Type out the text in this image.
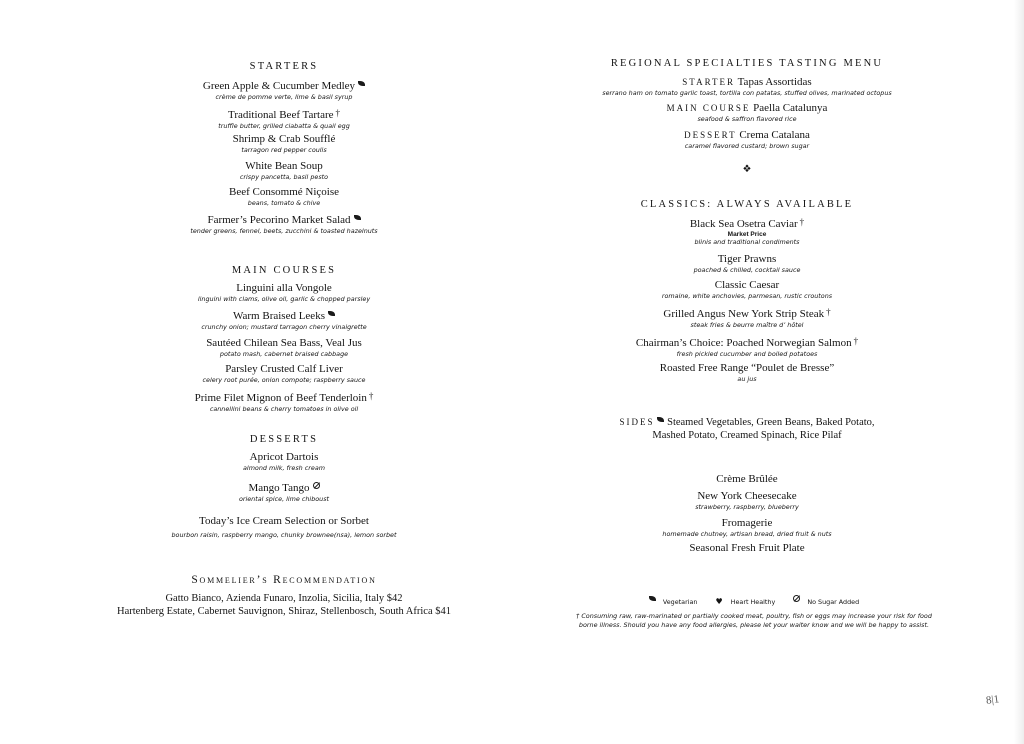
STARTERS
Green Apple & Cucumber Medley
crème de pomme verte, lime & basil syrup
Traditional Beef Tartare †
truffle butter, grilled ciabatta & quail egg
Shrimp & Crab Soufflé
tarragon red pepper coulis
White Bean Soup
crispy pancetta, basil pesto
Beef Consommé Niçoise
beans, tomato & chive
Farmer’s Pecorino Market Salad
tender greens, fennel, beets, zucchini & toasted hazelnuts
MAIN COURSES
Linguini alla Vongole
linguini with clams, olive oil, garlic & chopped parsley
Warm Braised Leeks
crunchy onion; mustard tarragon cherry vinaigrette
Sautéed Chilean Sea Bass, Veal Jus
potato mash, cabernet braised cabbage
Parsley Crusted Calf Liver
celery root purée, onion compote; raspberry sauce
Prime Filet Mignon of Beef Tenderloin †
cannellini beans & cherry tomatoes in olive oil
DESSERTS
Apricot Dartois
almond milk, fresh cream
Mango Tango
oriental spice, lime chiboust
Today’s Ice Cream Selection or Sorbet
bourbon raisin, raspberry mango, chunky brownee(nsa), lemon sorbet
Sommelier’s Recommendation
Gatto Bianco, Azienda Funaro, Inzolia, Sicilia, Italy $42
Hartenberg Estate, Cabernet Sauvignon, Shiraz, Stellenbosch, South Africa $41
REGIONAL SPECIALTIES TASTING MENU
STARTER Tapas Assortidas
serrano ham on tomato garlic toast, tortilla con patatas, stuffed olives, marinated octopus
MAIN COURSE Paella Catalunya
seafood & saffron flavored rice
DESSERT Crema Catalana
caramel flavored custard; brown sugar
❖
CLASSICS: ALWAYS AVAILABLE
Black Sea Osetra Caviar †
Market Price
blinis and traditional condiments
Tiger Prawns
poached & chilled, cocktail sauce
Classic Caesar
romaine, white anchovies, parmesan, rustic croutons
Grilled Angus New York Strip Steak †
steak fries & beurre maître d’ hôtel
Chairman’s Choice: Poached Norwegian Salmon †
fresh pickled cucumber and boiled potatoes
Roasted Free Range “Poulet de Bresse”
au jus
SIDES Steamed Vegetables, Green Beans, Baked Potato,
Mashed Potato, Creamed Spinach, Rice Pilaf
Crème Brûlée
New York Cheesecake
strawberry, raspberry, blueberry
Fromagerie
homemade chutney, artisan bread, dried fruit & nuts
Seasonal Fresh Fruit Plate
Vegetarian ♥ Heart Healthy	No Sugar Added
† Consuming raw, raw-marinated or partially cooked meat, poultry, fish or eggs may increase your risk for food
borne illness. Should you have any food allergies, please let your waiter know and we will be happy to assist.
8|1
